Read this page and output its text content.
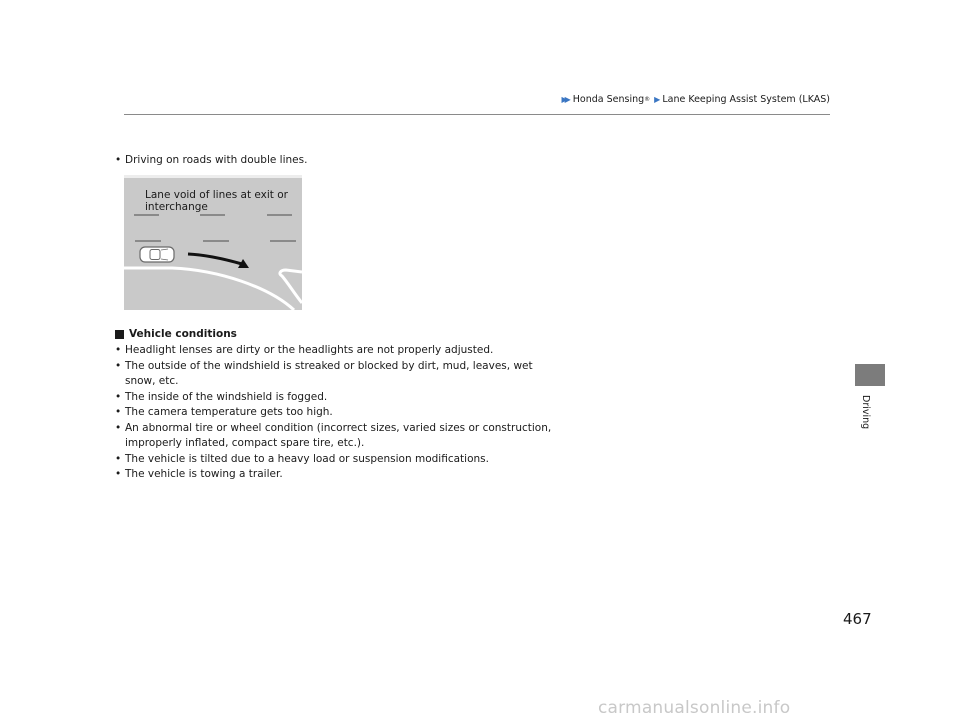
▶▶ Honda Sensing ® ▶ Lane Keeping Assist System (LKAS)
• Driving on roads with double lines.
Lane void of lines at exit or
interchange
Vehicle conditions
• Headlight lenses are dirty or the headlights are not properly adjusted.
• The outside of the windshield is streaked or blocked by dirt, mud, leaves, wet
snow, etc.
• The inside of the windshield is fogged.
• The camera temperature gets too high.
• An abnormal tire or wheel condition (incorrect sizes, varied sizes or construction,
improperly inflated, compact spare tire, etc.).
• The vehicle is tilted due to a heavy load or suspension modifications.
• The vehicle is towing a trailer.
Driving
467
carmanualsonline.info
